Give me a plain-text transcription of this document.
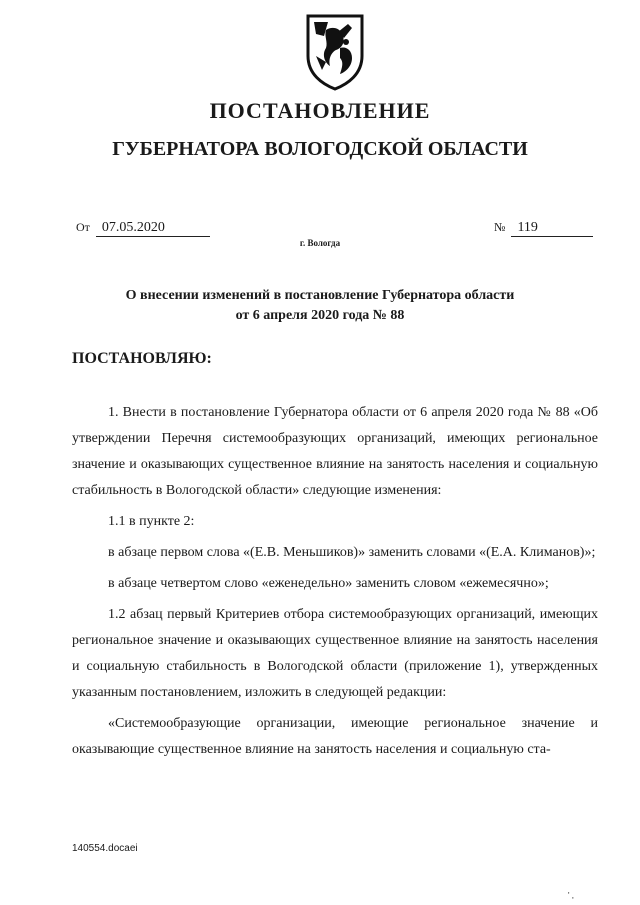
ПОСТАНОВЛЕНИЕ
ГУБЕРНАТОРА ВОЛОГОДСКОЙ ОБЛАСТИ
От 07.05.2020	№ 119
г. Вологда

О внесении изменений в постановление Губернатора области
от 6 апреля 2020 года № 88

ПОСТАНОВЛЯЮ:

1. Внести в постановление Губернатора области от 6 апреля 2020 года № 88 «Об утверждении Перечня системообразующих организаций, имеющих региональное значение и оказывающих существенное влияние на занятость населения и социальную стабильность в Вологодской области» следующие изменения:

1.1 в пункте 2:

в абзаце первом слова «(Е.В. Меньшиков)» заменить словами «(Е.А. Климанов)»;

в абзаце четвертом слово «еженедельно» заменить словом «ежемесячно»;

1.2 абзац первый Критериев отбора системообразующих организаций, имеющих региональное значение и оказывающих существенное влияние на занятость населения и социальную стабильность в Вологодской области (приложение 1), утвержденных указанным постановлением, изложить в следующей редакции:

«Системообразующие организации, имеющие региональное значение и оказывающие существенное влияние на занятость населения и социальную ста-

140554.docaei
' ,
